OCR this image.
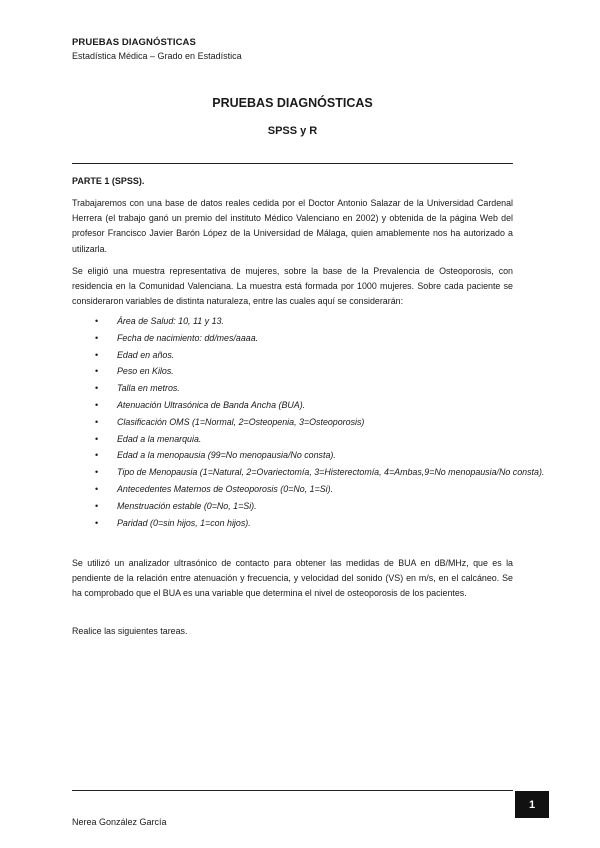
PRUEBAS DIAGNÓSTICAS
Estadística Médica – Grado en Estadística
PRUEBAS DIAGNÓSTICAS
SPSS y R
PARTE 1 (SPSS).

Trabajaremos con una base de datos reales cedida por el Doctor Antonio Salazar de la Universidad Cardenal Herrera (el trabajo ganó un premio del instituto Médico Valenciano en 2002) y obtenida de la página Web del profesor Francisco Javier Barón López de la Universidad de Málaga, quien amablemente nos ha autorizado a utilizarla.

Se eligió una muestra representativa de mujeres, sobre la base de la Prevalencia de Osteoporosis, con residencia en la Comunidad Valenciana. La muestra está formada por 1000 mujeres. Sobre cada paciente se consideraron variables de distinta naturaleza, entre las cuales aquí se considerarán:

• Área de Salud: 10, 11 y 13.
• Fecha de nacimiento: dd/mes/aaaa.
• Edad en años.
• Peso en Kilos.
• Talla en metros.
• Atenuación Ultrasónica de Banda Ancha (BUA).
• Clasificación OMS (1=Normal, 2=Osteopenia, 3=Osteoporosis)
• Edad a la menarquia.
• Edad a la menopausia (99=No menopausia/No consta).
• Tipo de Menopausia (1=Natural, 2=Ovariectomía, 3=Histerectomía, 4=Ambas,9=No menopausia/No consta).
• Antecedentes Maternos de Osteoporosis (0=No, 1=Si).
• Menstruación estable (0=No, 1=Si).
• Paridad (0=sin hijos, 1=con hijos).

Se utilizó un analizador ultrasónico de contacto para obtener las medidas de BUA en dB/MHz, que es la pendiente de la relación entre atenuación y frecuencia, y velocidad del sonido (VS) en m/s, en el calcáneo. Se ha comprobado que el BUA es una variable que determina el nivel de osteoporosis de los pacientes.

Realice las siguientes tareas.

1
Nerea González García
